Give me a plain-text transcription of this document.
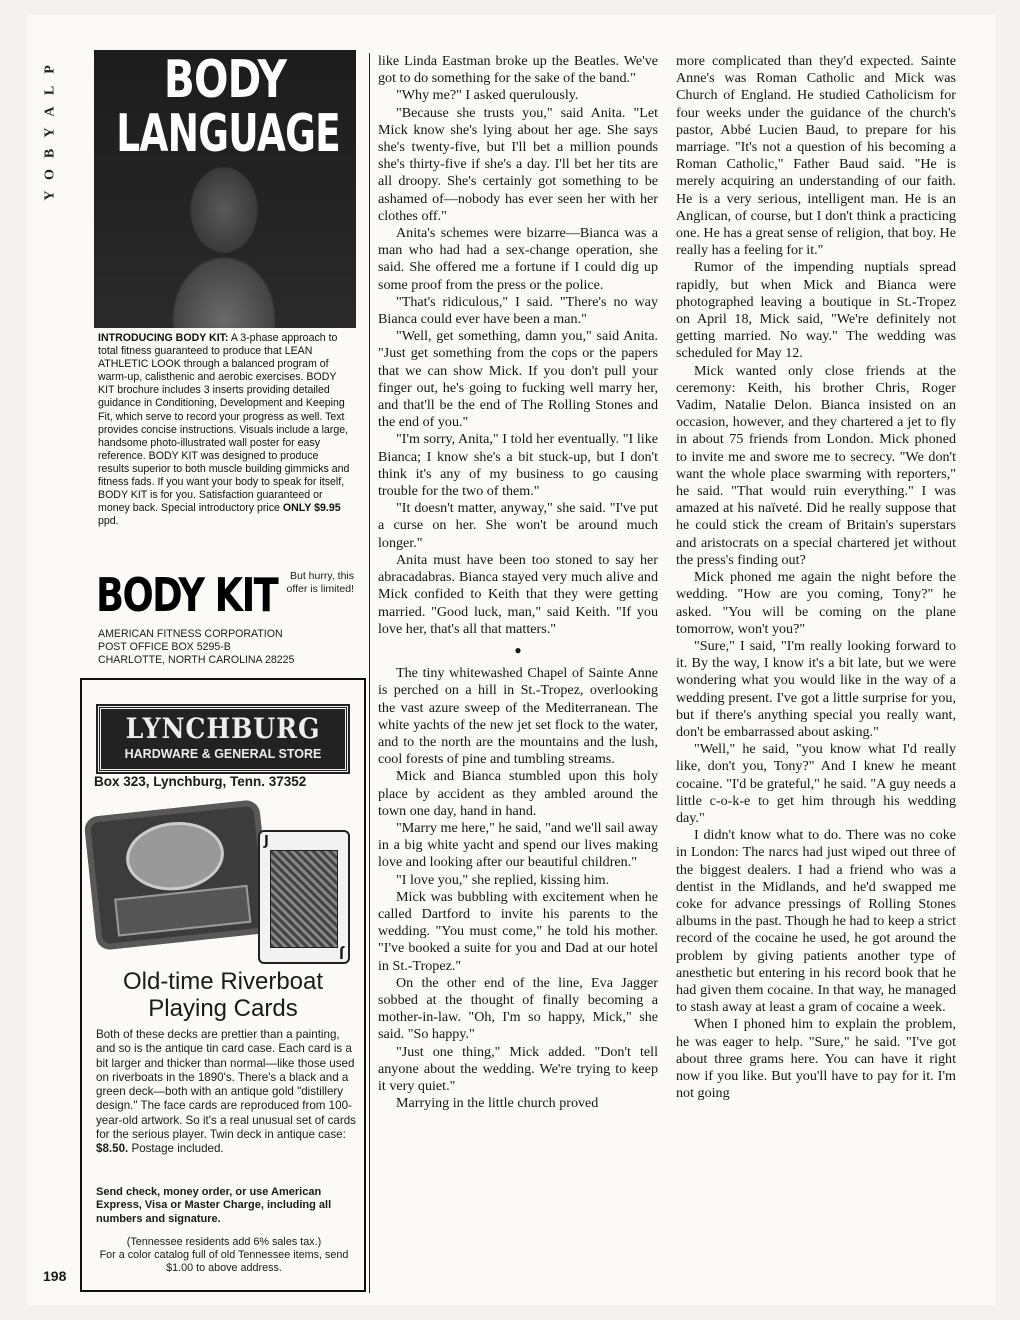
P
L
A
Y
B
O
Y
BODY
LANGUAGE
INTRODUCING BODY KIT: A 3-phase approach to total fitness guaranteed to produce that LEAN ATHLETIC LOOK through a balanced program of warm-up, calisthenic and aerobic exercises. BODY KIT brochure includes 3 inserts providing detailed guidance in Conditioning, Development and Keeping Fit, which serve to record your progress as well. Text provides concise instructions. Visuals include a large, handsome photo-illustrated wall poster for easy reference. BODY KIT was designed to produce results superior to both muscle building gimmicks and fitness fads. If you want your body to speak for itself, BODY KIT is for you. Satisfaction guaranteed or money back. Special introductory price ONLY $9.95 ppd.
BODY KIT	But hurry, this offer is limited!
AMERICAN FITNESS CORPORATION
POST OFFICE BOX 5295-B
CHARLOTTE, NORTH CAROLINA 28225
LYNCHBURG
HARDWARE & GENERAL STORE
Box 323, Lynchburg, Tenn. 37352
J
J
Old-time Riverboat
Playing Cards
Both of these decks are prettier than a painting, and so is the antique tin card case. Each card is a bit larger and thicker than normal—like those used on riverboats in the 1890's. There's a black and a green deck—both with an antique gold "distillery design." The face cards are reproduced from 100-year-old artwork. So it's a real unusual set of cards for the serious player. Twin deck in antique case: $8.50. Postage included.
Send check, money order, or use American Express, Visa or Master Charge, including all numbers and signature.
(Tennessee residents add 6% sales tax.)
For a color catalog full of old Tennessee items, send $1.00 to above address.

like Linda Eastman broke up the Beatles. We've got to do something for the sake of the band."

"Why me?" I asked querulously.

"Because she trusts you," said Anita. "Let Mick know she's lying about her age. She says she's twenty-five, but I'll bet a million pounds she's thirty-five if she's a day. I'll bet her tits are all droopy. She's certainly got something to be ashamed of—nobody has ever seen her with her clothes off."

Anita's schemes were bizarre—Bianca was a man who had had a sex-change operation, she said. She offered me a fortune if I could dig up some proof from the press or the police.

"That's ridiculous," I said. "There's no way Bianca could ever have been a man."

"Well, get something, damn you," said Anita. "Just get something from the cops or the papers that we can show Mick. If you don't pull your finger out, he's going to fucking well marry her, and that'll be the end of The Rolling Stones and the end of you."

"I'm sorry, Anita," I told her eventually. "I like Bianca; I know she's a bit stuck-up, but I don't think it's any of my business to go causing trouble for the two of them."

"It doesn't matter, anyway," she said. "I've put a curse on her. She won't be around much longer."

Anita must have been too stoned to say her abracadabras. Bianca stayed very much alive and Mick confided to Keith that they were getting married. "Good luck, man," said Keith. "If you love her, that's all that matters."

●

The tiny whitewashed Chapel of Sainte Anne is perched on a hill in St.-Tropez, overlooking the vast azure sweep of the Mediterranean. The white yachts of the new jet set flock to the water, and to the north are the mountains and the lush, cool forests of pine and tumbling streams.

Mick and Bianca stumbled upon this holy place by accident as they ambled around the town one day, hand in hand.

"Marry me here," he said, "and we'll sail away in a big white yacht and spend our lives making love and looking after our beautiful children."

"I love you," she replied, kissing him.

Mick was bubbling with excitement when he called Dartford to invite his parents to the wedding. "You must come," he told his mother. "I've booked a suite for you and Dad at our hotel in St.-Tropez."

On the other end of the line, Eva Jagger sobbed at the thought of finally becoming a mother-in-law. "Oh, I'm so happy, Mick," she said. "So happy."

"Just one thing," Mick added. "Don't tell anyone about the wedding. We're trying to keep it very quiet."

Marrying in the little church proved

more complicated than they'd expected. Sainte Anne's was Roman Catholic and Mick was Church of England. He studied Catholicism for four weeks under the guidance of the church's pastor, Abbé Lucien Baud, to prepare for his marriage. "It's not a question of his becoming a Roman Catholic," Father Baud said. "He is merely acquiring an understanding of our faith. He is a very serious, intelligent man. He is an Anglican, of course, but I don't think a practicing one. He has a great sense of religion, that boy. He really has a feeling for it."

Rumor of the impending nuptials spread rapidly, but when Mick and Bianca were photographed leaving a boutique in St.-Tropez on April 18, Mick said, "We're definitely not getting married. No way." The wedding was scheduled for May 12.

Mick wanted only close friends at the ceremony: Keith, his brother Chris, Roger Vadim, Natalie Delon. Bianca insisted on an occasion, however, and they chartered a jet to fly in about 75 friends from London. Mick phoned to invite me and swore me to secrecy. "We don't want the whole place swarming with reporters," he said. "That would ruin everything." I was amazed at his naïveté. Did he really suppose that he could stick the cream of Britain's superstars and aristocrats on a special chartered jet without the press's finding out?

Mick phoned me again the night before the wedding. "How are you coming, Tony?" he asked. "You will be coming on the plane tomorrow, won't you?"

"Sure," I said, "I'm really looking forward to it. By the way, I know it's a bit late, but we were wondering what you would like in the way of a wedding present. I've got a little surprise for you, but if there's anything special you really want, don't be embarrassed about asking."

"Well," he said, "you know what I'd really like, don't you, Tony?" And I knew he meant cocaine. "I'd be grateful," he said. "A guy needs a little c-o-k-e to get him through his wedding day."

I didn't know what to do. There was no coke in London: The narcs had just wiped out three of the biggest dealers. I had a friend who was a dentist in the Midlands, and he'd swapped me coke for advance pressings of Rolling Stones albums in the past. Though he had to keep a strict record of the cocaine he used, he got around the problem by giving patients another type of anesthetic but entering in his record book that he had given them cocaine. In that way, he managed to stash away at least a gram of cocaine a week.

When I phoned him to explain the problem, he was eager to help. "Sure," he said. "I've got about three grams here. You can have it right now if you like. But you'll have to pay for it. I'm not going

198
